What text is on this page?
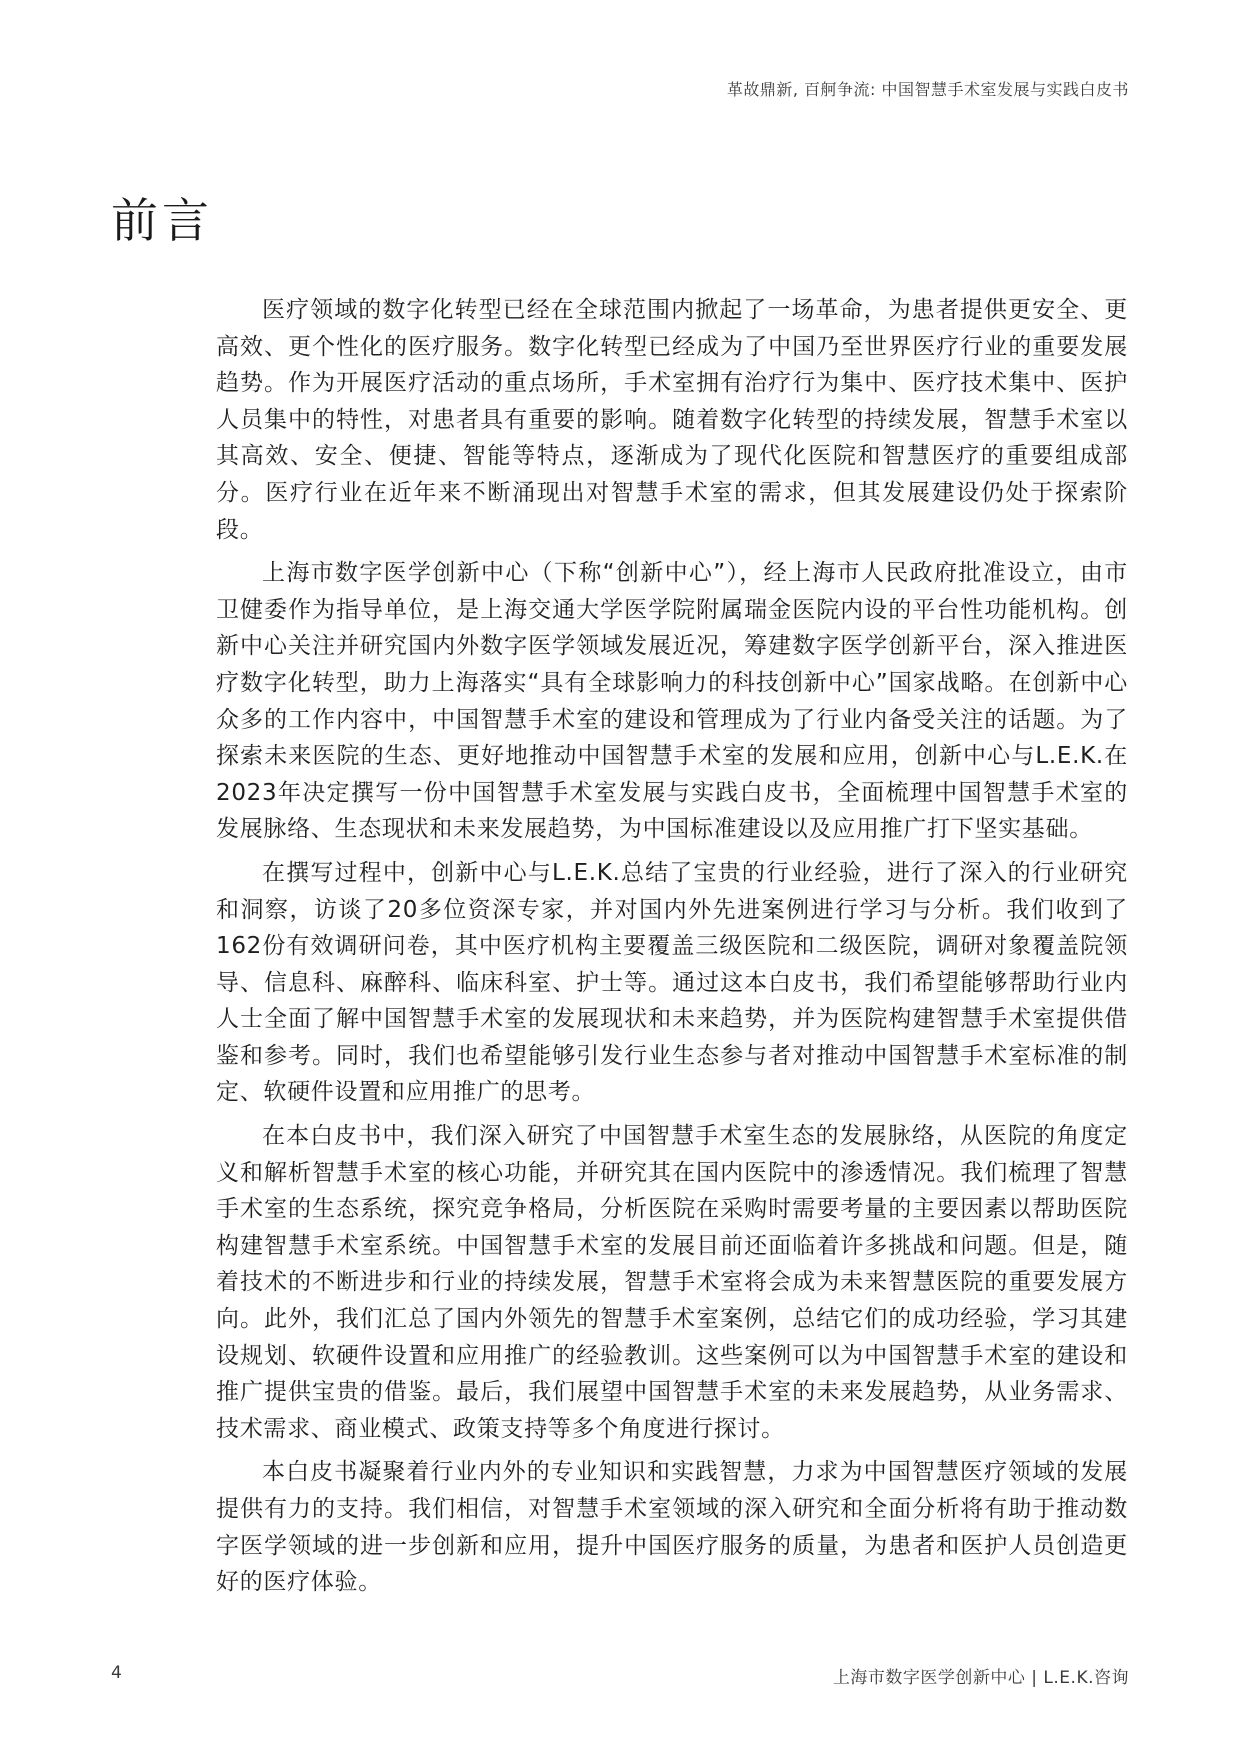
革故鼎新, 百舸争流: 中国智慧手术室发展与实践白皮书
前言

医疗领域的数字化转型已经在全球范围内掀起了一场革命，为患者提供更安全、更高效、更个性化的医疗服务。数字化转型已经成为了中国乃至世界医疗行业的重要发展趋势。作为开展医疗活动的重点场所，手术室拥有治疗行为集中、医疗技术集中、医护人员集中的特性，对患者具有重要的影响。随着数字化转型的持续发展，智慧手术室以其高效、安全、便捷、智能等特点，逐渐成为了现代化医院和智慧医疗的重要组成部分。医疗行业在近年来不断涌现出对智慧手术室的需求，但其发展建设仍处于探索阶段。

上海市数字医学创新中心（下称“创新中心”），经上海市人民政府批准设立，由市卫健委作为指导单位，是上海交通大学医学院附属瑞金医院内设的平台性功能机构。创新中心关注并研究国内外数字医学领域发展近况，筹建数字医学创新平台，深入推进医疗数字化转型，助力上海落实“具有全球影响力的科技创新中心”国家战略。在创新中心众多的工作内容中，中国智慧手术室的建设和管理成为了行业内备受关注的话题。为了探索未来医院的生态、更好地推动中国智慧手术室的发展和应用，创新中心与L.E.K.在2023年决定撰写一份中国智慧手术室发展与实践白皮书，全面梳理中国智慧手术室的发展脉络、生态现状和未来发展趋势，为中国标准建设以及应用推广打下坚实基础。

在撰写过程中，创新中心与L.E.K.总结了宝贵的行业经验，进行了深入的行业研究和洞察，访谈了20多位资深专家，并对国内外先进案例进行学习与分析。我们收到了162份有效调研问卷，其中医疗机构主要覆盖三级医院和二级医院，调研对象覆盖院领导、信息科、麻醉科、临床科室、护士等。通过这本白皮书，我们希望能够帮助行业内人士全面了解中国智慧手术室的发展现状和未来趋势，并为医院构建智慧手术室提供借鉴和参考。同时，我们也希望能够引发行业生态参与者对推动中国智慧手术室标准的制定、软硬件设置和应用推广的思考。

在本白皮书中，我们深入研究了中国智慧手术室生态的发展脉络，从医院的角度定义和解析智慧手术室的核心功能，并研究其在国内医院中的渗透情况。我们梳理了智慧手术室的生态系统，探究竞争格局，分析医院在采购时需要考量的主要因素以帮助医院构建智慧手术室系统。中国智慧手术室的发展目前还面临着许多挑战和问题。但是，随着技术的不断进步和行业的持续发展，智慧手术室将会成为未来智慧医院的重要发展方向。此外，我们汇总了国内外领先的智慧手术室案例，总结它们的成功经验，学习其建设规划、软硬件设置和应用推广的经验教训。这些案例可以为中国智慧手术室的建设和推广提供宝贵的借鉴。最后，我们展望中国智慧手术室的未来发展趋势，从业务需求、技术需求、商业模式、政策支持等多个角度进行探讨。

本白皮书凝聚着行业内外的专业知识和实践智慧，力求为中国智慧医疗领域的发展提供有力的支持。我们相信，对智慧手术室领域的深入研究和全面分析将有助于推动数字医学领域的进一步创新和应用，提升中国医疗服务的质量，为患者和医护人员创造更好的医疗体验。

4	上海市数字医学创新中心 | L.E.K.咨询
